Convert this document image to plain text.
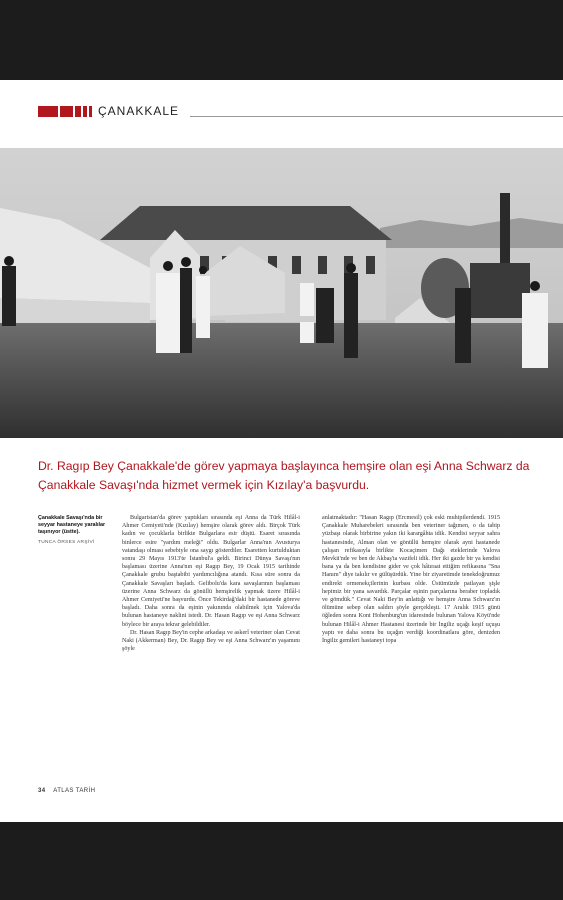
ÇANAKKALE

Dr. Ragıp Bey Çanakkale'de görev yapmaya başlayınca hemşire olan eşi Anna Schwarz da Çanakkale Savaşı'nda hizmet vermek için Kızılay'a başvurdu.

Çanakkale Savaşı'nda bir seyyar hastaneye yaralılar taşınıyor (üstte).

TUNCA ÖRSES ARŞİVİ

Bulgaristan'da görev yaptıkları sırasında eşi Anna da Türk Hilâl-i Ahmer Cemiyeti'nde (Kızılay) hemşire olarak görev aldı. Birçok Türk kadın ve çocuklarla birlikte Bulgarlara esir düştü. Esaret sırasında binlerce esire "yardım meleği" oldu. Bulgarlar Anna'nın Avusturya vatandaşı olması sebebiyle ona saygı gösterdiler. Esaretten kurtulduktan sonra 29 Mayıs 1913'te İstanbul'a geldi. Birinci Dünya Savaşı'nın başlaması üzerine Anna'nın eşi Ragıp Bey, 19 Ocak 1915 tarihinde Çanakkale grubu baştabibi yardımcılığına atandı. Kısa süre sonra da Çanakkale Savaşları başladı. Gelibolu'da kara savaşlarının başlaması üzerine Anna Schwarz da gönüllü hemşirelik yapmak üzere Hilâl-i Ahmer Cemiyeti'ne başvurdu. Önce Tekirdağ'daki bir hastanede göreve başladı. Daha sonra da eşinin yakınında olabilmek için Yalova'da bulunan hastaneye naklini istedi. Dr. Hasan Ragıp ve eşi Anna Schwarz böylece bir araya tekrar gelebildiler.

Dr. Hasan Ragıp Bey'in cephe arkadaşı ve askerî veteriner olan Cevat Naki (Akkerman) Bey, Dr. Ragıp Bey ve eşi Anna Schwarz'ın yaşamını şöyle

anlatmaktadır: "Hasan Ragıp (Ercmesil) çok eski muhipilerdendi. 1915 Çanakkale Muharebeleri sırasında ben veteriner tağımen, o da tabip yüzbaşı olarak birbirine yakın iki karargâhta idik. Kendisi seyyar sahra hastanesinde, Alman olan ve gönüllü hemşire olarak ayni hastanede çalışan refikasıyla birlikte Kocaçimen Dağı eteklerinde Yalova Mevkii'nde ve ben de Akbaş'ta vazifeli idik. Her iki gazde bir ya kendisi bana ya da ben kendisine gider ve çok hâtıraat ettiğim refikasına "Sna Hanım" diye takılır ve gülüşürdük. Yine bir ziyaretimde tenekdoğrumuz endirekt ormenekçilerinin kurbası olde. Üstümüzde patlayan şişle hepimiz bir yana savardık. Parçalar eşinin parçalarına beraber topladık ve gömdük." Cevat Naki Bey'in anlattığı ve hemşire Anna Schwarz'ın ölümüne sebep olan saldırı şöyle gerçekleşti. 17 Aralık 1915 günü öğleden sonra Kont Hohenburg'un idaresinde bulunan Yalova Köyü'nde bulunan Hilâl-i Ahmer Hastanesi üzerinde bir İngiliz uçağı keşif uçuşu yaptı ve daha sonra bu uçağın verdiği koordinatlara göre, denizden İngiliz gemileri hastaneyi topa

34 ATLAS TARİH
